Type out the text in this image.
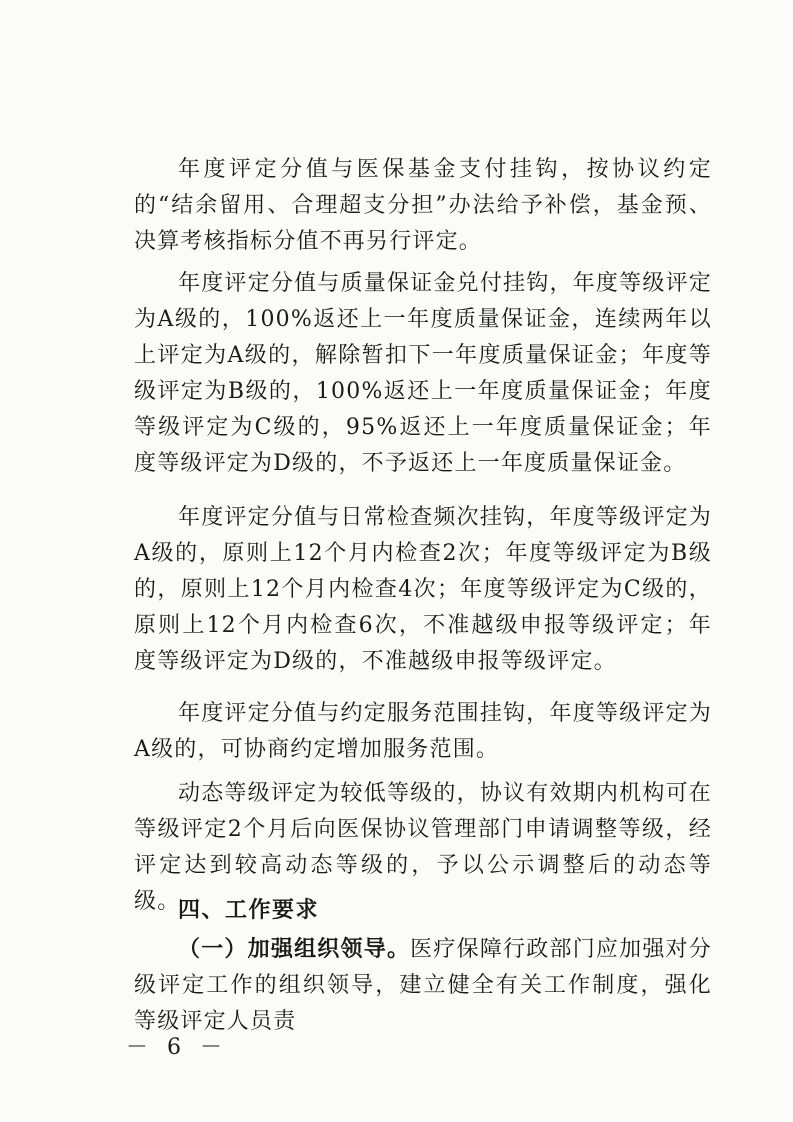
年度评定分值与医保基金支付挂钩，按协议约定的“结余留用、合理超支分担”办法给予补偿，基金预、决算考核指标分值不再另行评定。

年度评定分值与质量保证金兑付挂钩，年度等级评定为A级的，100%返还上一年度质量保证金，连续两年以上评定为A级的，解除暂扣下一年度质量保证金；年度等级评定为B级的，100%返还上一年度质量保证金；年度等级评定为C级的，95%返还上一年度质量保证金；年度等级评定为D级的，不予返还上一年度质量保证金。

年度评定分值与日常检查频次挂钩，年度等级评定为A级的，原则上12个月内检查2次；年度等级评定为B级的，原则上12个月内检查4次；年度等级评定为C级的，原则上12个月内检查6次，不准越级申报等级评定；年度等级评定为D级的，不准越级申报等级评定。

年度评定分值与约定服务范围挂钩，年度等级评定为A级的，可协商约定增加服务范围。

动态等级评定为较低等级的，协议有效期内机构可在等级评定2个月后向医保协议管理部门申请调整等级，经评定达到较高动态等级的，予以公示调整后的动态等级。

四、工作要求

（一）加强组织领导。医疗保障行政部门应加强对分级评定工作的组织领导，建立健全有关工作制度，强化等级评定人员责

－ 6 －
